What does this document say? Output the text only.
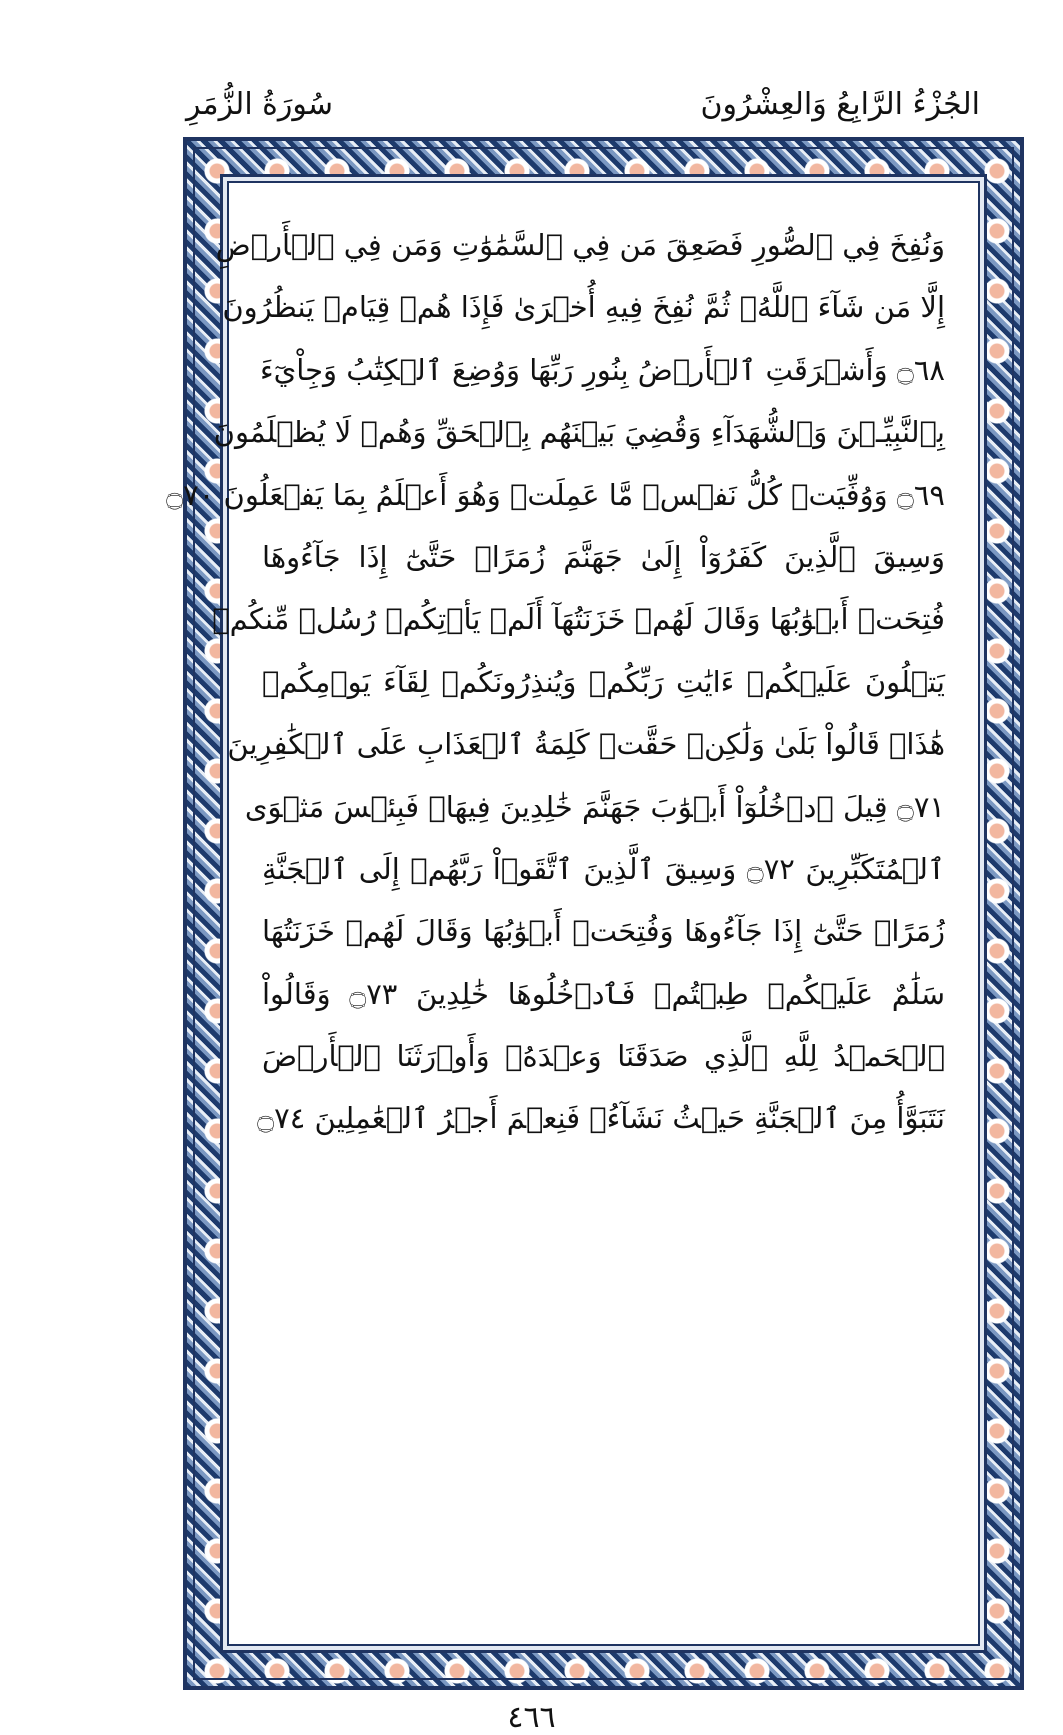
الجُزْءُ الرَّابِعُ وَالعِشْرُونَ
سُورَةُ الزُّمَرِ
وَنُفِخَ فِي ٱلصُّورِ فَصَعِقَ مَن فِي ٱلسَّمَٰوَٰتِ وَمَن فِي ٱلۡأَرۡضِ
إِلَّا مَن شَآءَ ٱللَّهُۖ ثُمَّ نُفِخَ فِيهِ أُخۡرَىٰ فَإِذَا هُمۡ قِيَامٞ يَنظُرُونَ
۝٦٨ وَأَشۡرَقَتِ ٱلۡأَرۡضُ بِنُورِ رَبِّهَا وَوُضِعَ ٱلۡكِتَٰبُ وَجِاْيٓءَ
بِٱلنَّبِيِّـۧنَ وَٱلشُّهَدَآءِ وَقُضِيَ بَيۡنَهُم بِٱلۡحَقِّ وَهُمۡ لَا يُظۡلَمُونَ
۝٦٩ وَوُفِّيَتۡ كُلُّ نَفۡسٖ مَّا عَمِلَتۡ وَهُوَ أَعۡلَمُ بِمَا يَفۡعَلُونَ ۝٧٠
وَسِيقَ ٱلَّذِينَ كَفَرُوٓاْ إِلَىٰ جَهَنَّمَ زُمَرًاۖ حَتَّىٰٓ إِذَا جَآءُوهَا
فُتِحَتۡ أَبۡوَٰبُهَا وَقَالَ لَهُمۡ خَزَنَتُهَآ أَلَمۡ يَأۡتِكُمۡ رُسُلٞ مِّنكُمۡ
يَتۡلُونَ عَلَيۡكُمۡ ءَايَٰتِ رَبِّكُمۡ وَيُنذِرُونَكُمۡ لِقَآءَ يَوۡمِكُمۡ
هَٰذَاۚ قَالُواْ بَلَىٰ وَلَٰكِنۡ حَقَّتۡ كَلِمَةُ ٱلۡعَذَابِ عَلَى ٱلۡكَٰفِرِينَ
۝٧١ قِيلَ ٱدۡخُلُوٓاْ أَبۡوَٰبَ جَهَنَّمَ خَٰلِدِينَ فِيهَاۖ فَبِئۡسَ مَثۡوَى
ٱلۡمُتَكَبِّرِينَ ۝٧٢ وَسِيقَ ٱلَّذِينَ ٱتَّقَوۡاْ رَبَّهُمۡ إِلَى ٱلۡجَنَّةِ
زُمَرًاۖ حَتَّىٰٓ إِذَا جَآءُوهَا وَفُتِحَتۡ أَبۡوَٰبُهَا وَقَالَ لَهُمۡ خَزَنَتُهَا
سَلَٰمٌ عَلَيۡكُمۡ طِبۡتُمۡ فَٱدۡخُلُوهَا خَٰلِدِينَ ۝٧٣ وَقَالُواْ
ٱلۡحَمۡدُ لِلَّهِ ٱلَّذِي صَدَقَنَا وَعۡدَهُۥ وَأَوۡرَثَنَا ٱلۡأَرۡضَ
نَتَبَوَّأُ مِنَ ٱلۡجَنَّةِ حَيۡثُ نَشَآءُۖ فَنِعۡمَ أَجۡرُ ٱلۡعَٰمِلِينَ ۝٧٤
٤٦٦
